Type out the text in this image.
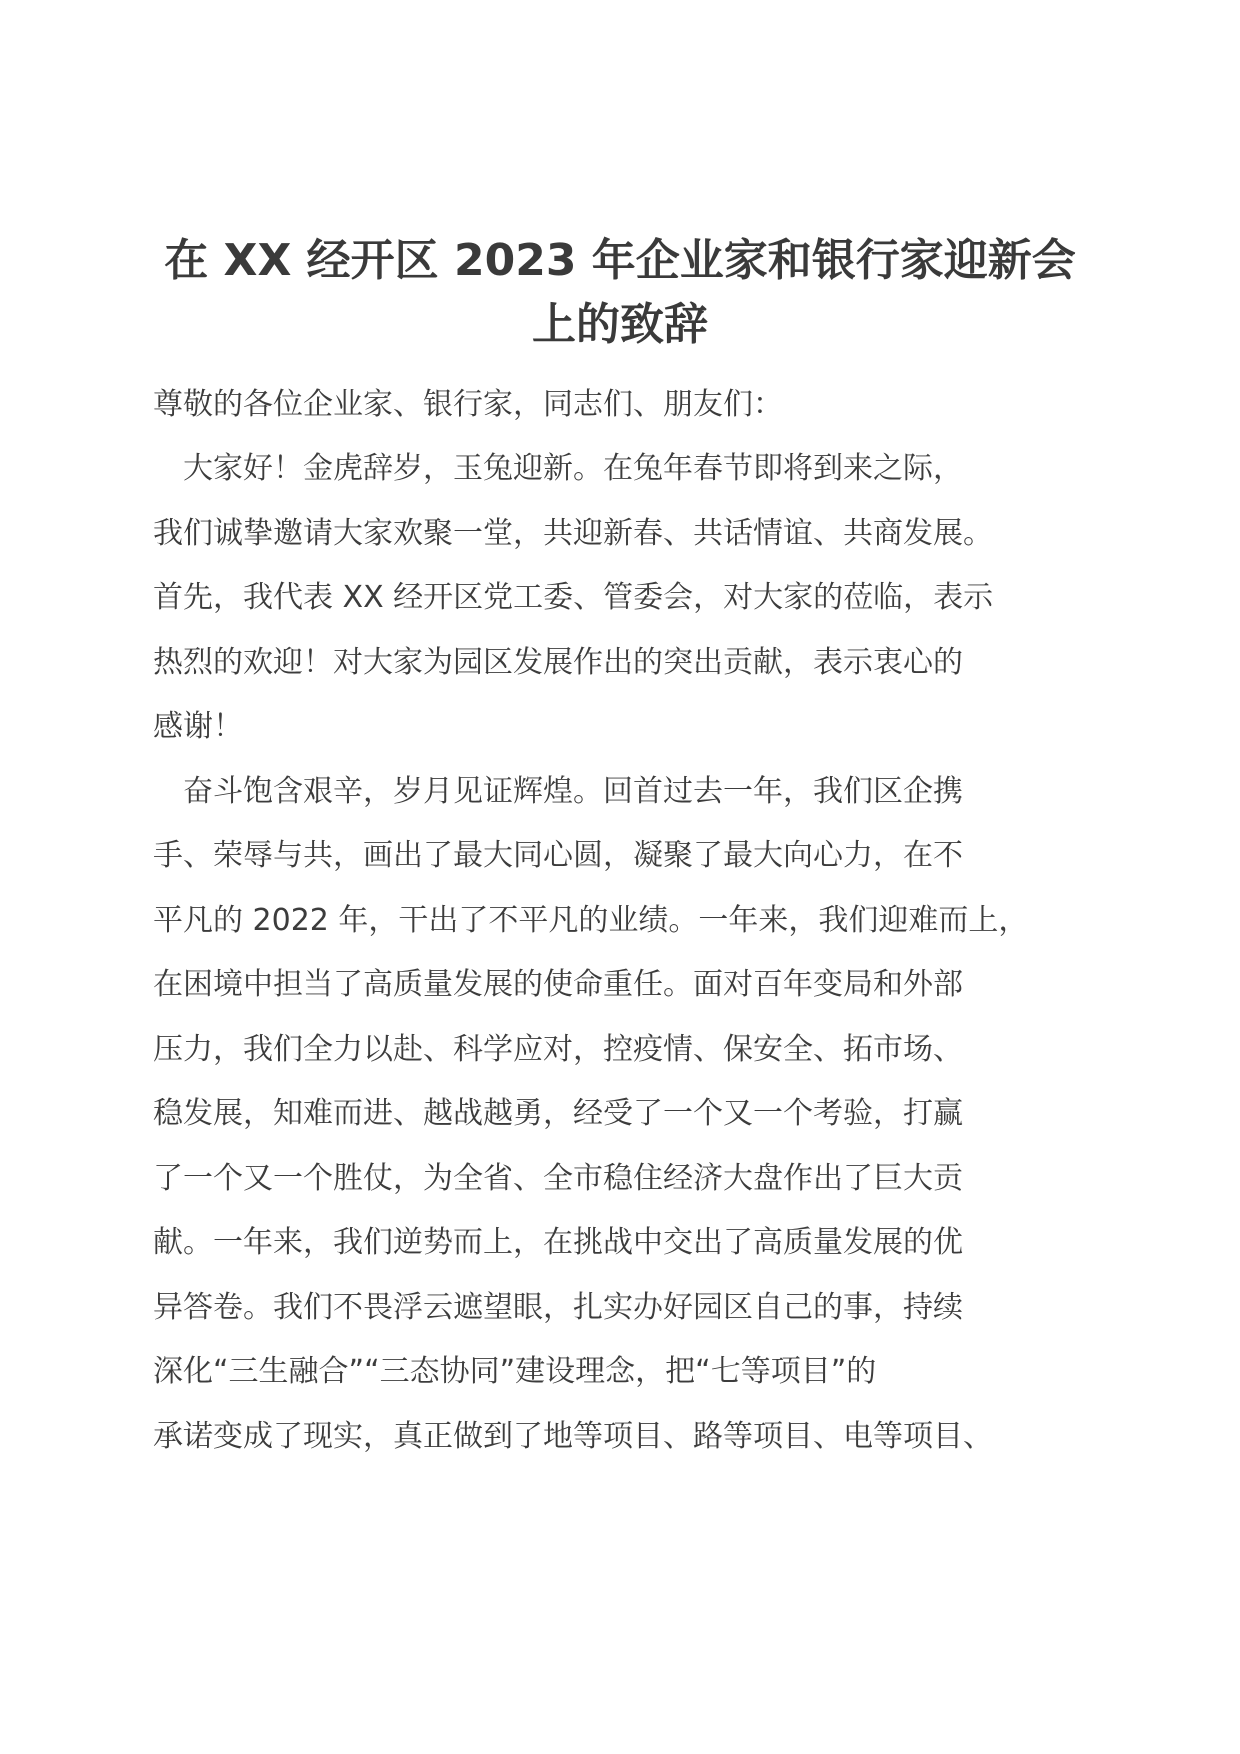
在 XX 经开区 2023 年企业家和银行家迎新会
上的致辞

尊敬的各位企业家、银行家，同志们、朋友们：

　大家好！金虎辞岁，玉兔迎新。在兔年春节即将到来之际，

我们诚挚邀请大家欢聚一堂，共迎新春、共话情谊、共商发展。

首先，我代表 XX 经开区党工委、管委会，对大家的莅临，表示

热烈的欢迎！对大家为园区发展作出的突出贡献，表示衷心的

感谢！

　奋斗饱含艰辛，岁月见证辉煌。回首过去一年，我们区企携

手、荣辱与共，画出了最大同心圆，凝聚了最大向心力，在不

平凡的 2022 年，干出了不平凡的业绩。一年来，我们迎难而上，

在困境中担当了高质量发展的使命重任。面对百年变局和外部

压力，我们全力以赴、科学应对，控疫情、保安全、拓市场、

稳发展，知难而进、越战越勇，经受了一个又一个考验，打赢

了一个又一个胜仗，为全省、全市稳住经济大盘作出了巨大贡

献。一年来，我们逆势而上，在挑战中交出了高质量发展的优

异答卷。我们不畏浮云遮望眼，扎实办好园区自己的事，持续

深化“三生融合”“三态协同”建设理念，把“七等项目”的

承诺变成了现实，真正做到了地等项目、路等项目、电等项目、
